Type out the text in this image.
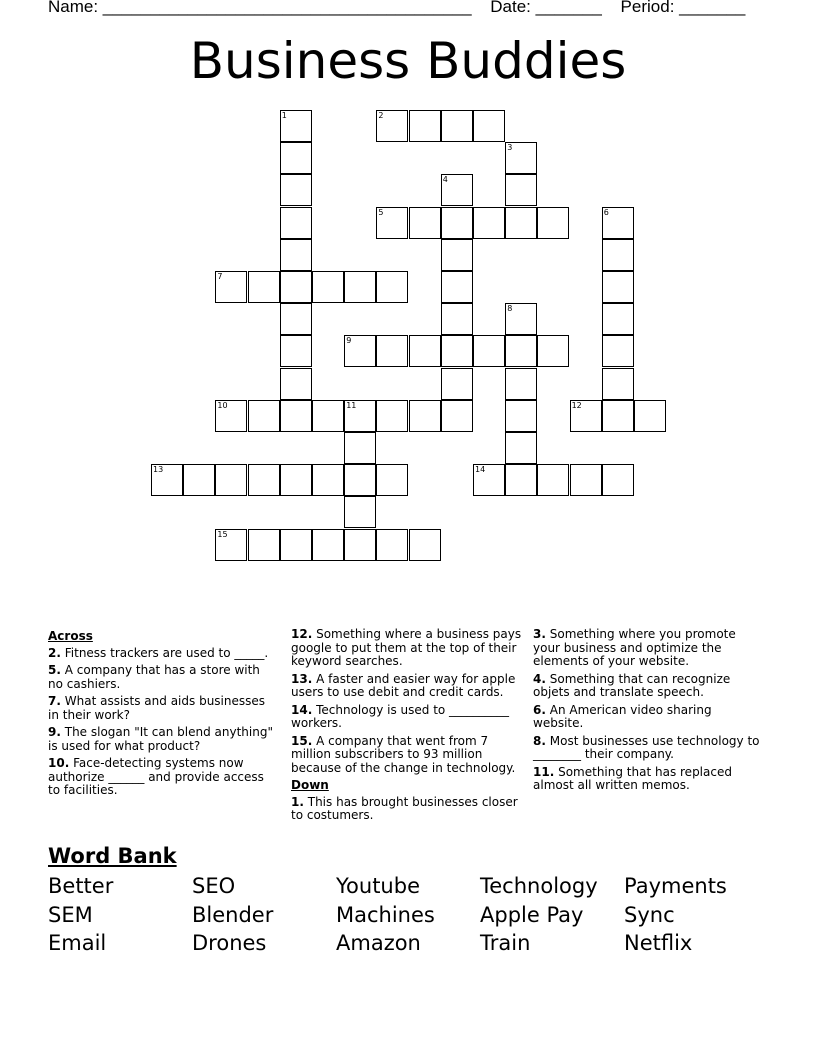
Name: _______________________________________ Date: _______ Period: _______
Business Buddies
1	2
3
4
5	6
7
8
9
10	11	12
13	14
15
Across
2. Fitness trackers are used to _____.
5. A company that has a store with no cashiers.
7. What assists and aids businesses in their work?
9. The slogan "It can blend anything" is used for what product?
10. Face-detecting systems now authorize ______ and provide access to facilities.
12. Something where a business pays google to put them at the top of their keyword searches.
13. A faster and easier way for apple users to use debit and credit cards.
14. Technology is used to __________ workers.
15. A company that went from 7 million subscribers to 93 million because of the change in technology.
Down
1. This has brought businesses closer to costumers.
3. Something where you promote your business and optimize the elements of your website.
4. Something that can recognize objets and translate speech.
6. An American video sharing website.
8. Most businesses use technology to ________ their company.
11. Something that has replaced almost all written memos.
Word Bank
Better	SEO	Youtube	Technology	Payments
SEM	Blender	Machines	Apple Pay	Sync
Email	Drones	Amazon	Train	Netflix
